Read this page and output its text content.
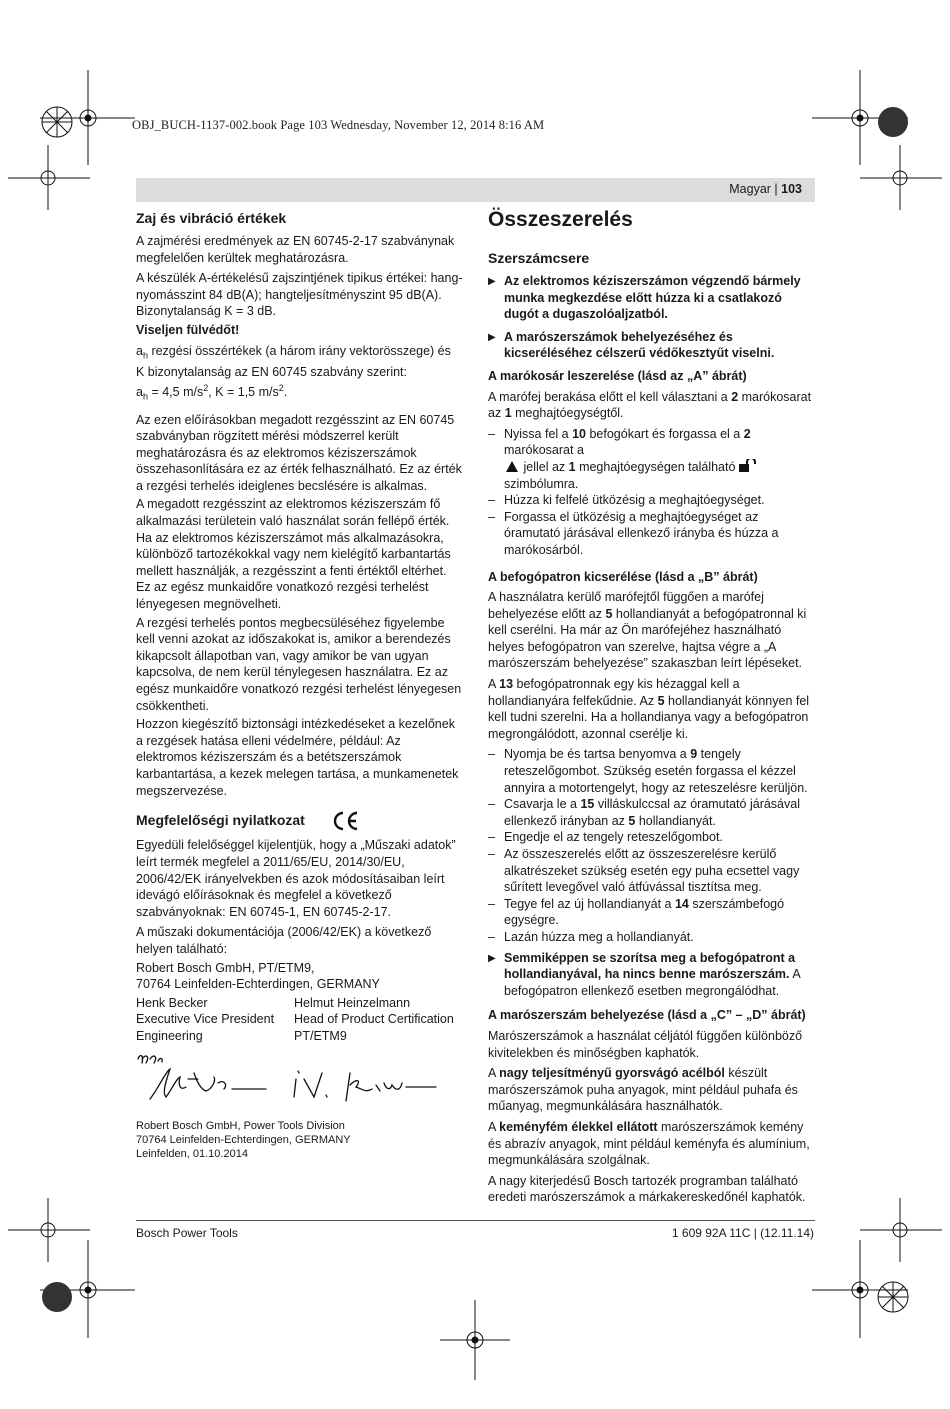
OBJ_BUCH-1137-002.book Page 103 Wednesday, November 12, 2014 8:16 AM
Magyar | 103
Zaj és vibráció értékek

A zajmérési eredmények az EN 60745-2-17 szabványnak megfelelően kerültek meghatározásra.

A készülék A-értékelésű zajszintjének tipikus értékei: hang-
nyomásszint 84 dB(A); hangteljesítményszint 95 dB(A).
Bizonytalanság K = 3 dB.

Viseljen fülvédőt!

$a_h$ rezgési összértékek (a három irány vektorösszege) és
K bizonytalanság az EN 60745 szabvány szerint:
$a_h = 4,5$ $m/s^2$, K = 1,5 $m/s^2$.

Az ezen előírásokban megadott rezgésszint az EN 60745 szabványban rögzített mérési módszerrel került meghatározásra és az elektromos kéziszerszámok összehasonlítására ez az érték felhasználható. Ez az érték a rezgési terhelés ideiglenes becslésére is alkalmas.

A megadott rezgésszint az elektromos kéziszerszám fő alkalmazási területein való használat során fellépő érték. Ha az elektromos kéziszerszámot más alkalmazásokra, különböző tartozékokkal vagy nem kielégítő karbantartás mellett használják, a rezgésszint a fenti értéktől eltérhet. Ez az egész munkaidőre vonatkozó rezgési terhelést lényegesen megnövelheti.

A rezgési terhelés pontos megbecsüléséhez figyelembe kell venni azokat az időszakokat is, amikor a berendezés kikapcsolt állapotban van, vagy amikor be van ugyan kapcsolva, de nem kerül ténylegesen használatra. Ez az egész munkaidőre vonatkozó rezgési terhelést lényegesen csökkentheti.

Hozzon kiegészítő biztonsági intézkedéseket a kezelőnek a rezgések hatása elleni védelmére, például: Az elektromos kéziszerszám és a betétszerszámok karbantartása, a kezek melegen tartása, a munkamenetek megszervezése.

Megfelelőségi nyilatkozat

Egyedüli felelőséggel kijelentjük, hogy a „Műszaki adatok” leírt termék megfelel a 2011/65/EU, 2014/30/EU, 2006/42/EK irányelvekben és azok módosításaiban leírt idevágó előírásoknak és megfelel a következő szabványoknak: EN 60745-1, EN 60745-2-17.

A műszaki dokumentációja (2006/42/EK) a következő helyen található:

Robert Bosch GmbH, PT/ETM9,
70764 Leinfelden-Echterdingen, GERMANY

Henk Becker
Executive Vice President
Engineering
Helmut Heinzelmann
Head of Product Certification
PT/ETM9
Robert Bosch GmbH, Power Tools Division
70764 Leinfelden-Echterdingen, GERMANY
Leinfelden, 01.10.2014
Összeszerelés
Szerszámcsere
▶ Az elektromos kéziszerszámon végzendő bármely munka megkezdése előtt húzza ki a csatlakozó dugót a dugaszolóaljzatból.
▶ A marószerszámok behelyezéséhez és kicseréléséhez célszerű védőkesztyűt viselni.
A marókosár leszerelése (lásd az „A” ábrát)

A marófej berakása előtt el kell választani a 2 marókosarat az 1 meghajtóegységtől.

– Nyissa fel a 10 befogókart és forgassa el a 2 marókosarat a
jellel az 1 meghajtóegységen található  szimbólumra.
– Húzza ki felfelé ütközésig a meghajtóegységet.
– Forgassa el ütközésig a meghajtóegységet az óramutató járásával ellenkező irányba és húzza a marókosárból.
A befogópatron kicserélése (lásd a „B” ábrát)

A használatra kerülő marófejtől függően a marófej behelyezése előtt az 5 hollandianyát a befogópatronnal ki kell cserélni. Ha már az Ön marófejéhez használható helyes befogópatron van szerelve, hajtsa végre a „A marószerszám behelyezése” szakaszban leírt lépéseket.

A 13 befogópatronnak egy kis hézaggal kell a hollandianyára felfekűdnie. Az 5 hollandianyát könnyen fel kell tudni szerelni. Ha a hollandianya vagy a befogópatron megrongálódott, azonnal cserélje ki.

– Nyomja be és tartsa benyomva a 9 tengely reteszelőgombot. Szükség esetén forgassa el kézzel annyira a motortengelyt, hogy az reteszelésre kerüljön.
– Csavarja le a 15 villáskulccsal az óramutató járásával ellenkező irányban az 5 hollandianyát.
– Engedje el az tengely reteszelőgombot.
– Az összeszerelés előtt az összeszerelésre kerülő alkatrészeket szükség esetén egy puha ecsettel vagy sűrített levegővel való átfúvással tisztítsa meg.
– Tegye fel az új hollandianyát a 14 szerszámbefogó egységre.
– Lazán húzza meg a hollandianyát.
▶ Semmiképpen se szorítsa meg a befogópatront a hollandianyával, ha nincs benne marószerszám. A befogópatron ellenkező esetben megrongálódhat.
A marószerszám behelyezése (lásd a „C” – „D” ábrát)

Marószerszámok a használat céljától függően különböző kivitelekben és minőségben kaphatók.

A nagy teljesítményű gyorsvágó acélból készült marószerszámok puha anyagok, mint például puhafa és műanyag, megmunkálására használhatók.

A keményfém élekkel ellátott marószerszámok kemény és abrazív anyagok, mint például keményfa és alumínium, megmunkálására szolgálnak.

A nagy kiterjedésű Bosch tartozék programban található eredeti marószerszámok a márkakereskedőnél kaphatók.

Bosch Power Tools	1 609 92A 11C | (12.11.14)
